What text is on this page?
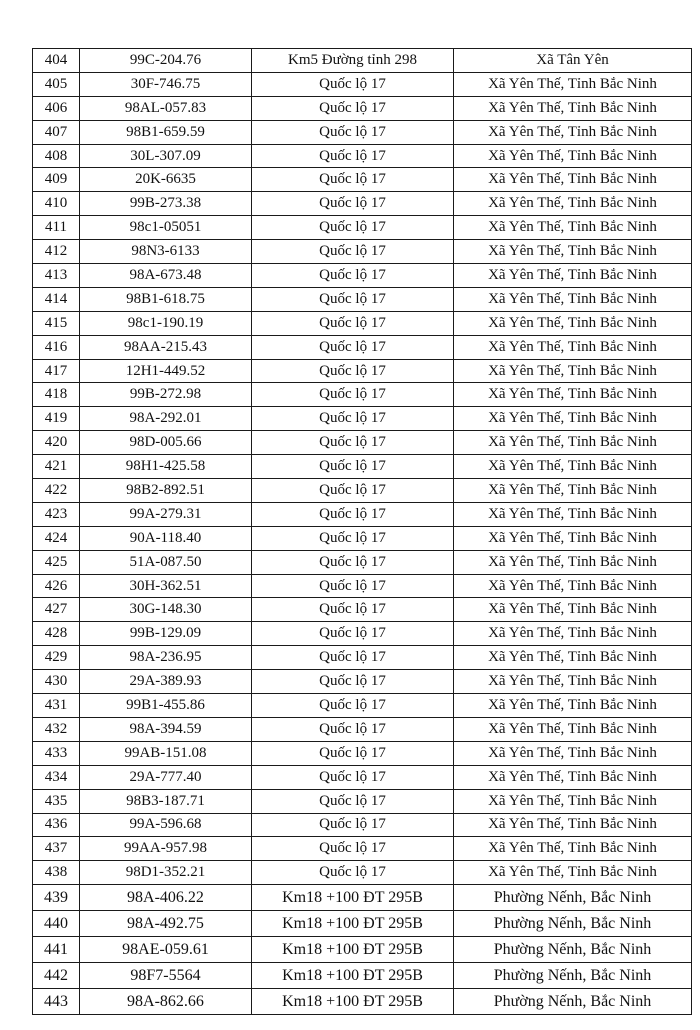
404	99C-204.76	Km5 Đường tỉnh 298	Xã Tân Yên
405	30F-746.75	Quốc lộ 17	Xã Yên Thế, Tỉnh Bắc Ninh
406	98AL-057.83	Quốc lộ 17	Xã Yên Thế, Tỉnh Bắc Ninh
407	98B1-659.59	Quốc lộ 17	Xã Yên Thế, Tỉnh Bắc Ninh
408	30L-307.09	Quốc lộ 17	Xã Yên Thế, Tỉnh Bắc Ninh
409	20K-6635	Quốc lộ 17	Xã Yên Thế, Tỉnh Bắc Ninh
410	99B-273.38	Quốc lộ 17	Xã Yên Thế, Tỉnh Bắc Ninh
411	98c1-05051	Quốc lộ 17	Xã Yên Thế, Tỉnh Bắc Ninh
412	98N3-6133	Quốc lộ 17	Xã Yên Thế, Tỉnh Bắc Ninh
413	98A-673.48	Quốc lộ 17	Xã Yên Thế, Tỉnh Bắc Ninh
414	98B1-618.75	Quốc lộ 17	Xã Yên Thế, Tỉnh Bắc Ninh
415	98c1-190.19	Quốc lộ 17	Xã Yên Thế, Tỉnh Bắc Ninh
416	98AA-215.43	Quốc lộ 17	Xã Yên Thế, Tỉnh Bắc Ninh
417	12H1-449.52	Quốc lộ 17	Xã Yên Thế, Tỉnh Bắc Ninh
418	99B-272.98	Quốc lộ 17	Xã Yên Thế, Tỉnh Bắc Ninh
419	98A-292.01	Quốc lộ 17	Xã Yên Thế, Tỉnh Bắc Ninh
420	98D-005.66	Quốc lộ 17	Xã Yên Thế, Tỉnh Bắc Ninh
421	98H1-425.58	Quốc lộ 17	Xã Yên Thế, Tỉnh Bắc Ninh
422	98B2-892.51	Quốc lộ 17	Xã Yên Thế, Tỉnh Bắc Ninh
423	99A-279.31	Quốc lộ 17	Xã Yên Thế, Tỉnh Bắc Ninh
424	90A-118.40	Quốc lộ 17	Xã Yên Thế, Tỉnh Bắc Ninh
425	51A-087.50	Quốc lộ 17	Xã Yên Thế, Tỉnh Bắc Ninh
426	30H-362.51	Quốc lộ 17	Xã Yên Thế, Tỉnh Bắc Ninh
427	30G-148.30	Quốc lộ 17	Xã Yên Thế, Tỉnh Bắc Ninh
428	99B-129.09	Quốc lộ 17	Xã Yên Thế, Tỉnh Bắc Ninh
429	98A-236.95	Quốc lộ 17	Xã Yên Thế, Tỉnh Bắc Ninh
430	29A-389.93	Quốc lộ 17	Xã Yên Thế, Tỉnh Bắc Ninh
431	99B1-455.86	Quốc lộ 17	Xã Yên Thế, Tỉnh Bắc Ninh
432	98A-394.59	Quốc lộ 17	Xã Yên Thế, Tỉnh Bắc Ninh
433	99AB-151.08	Quốc lộ 17	Xã Yên Thế, Tỉnh Bắc Ninh
434	29A-777.40	Quốc lộ 17	Xã Yên Thế, Tỉnh Bắc Ninh
435	98B3-187.71	Quốc lộ 17	Xã Yên Thế, Tỉnh Bắc Ninh
436	99A-596.68	Quốc lộ 17	Xã Yên Thế, Tỉnh Bắc Ninh
437	99AA-957.98	Quốc lộ 17	Xã Yên Thế, Tỉnh Bắc Ninh
438	98D1-352.21	Quốc lộ 17	Xã Yên Thế, Tỉnh Bắc Ninh
439	98A-406.22	Km18 +100 ĐT 295B	Phường Nếnh, Bắc Ninh
440	98A-492.75	Km18 +100 ĐT 295B	Phường Nếnh, Bắc Ninh
441	98AE-059.61	Km18 +100 ĐT 295B	Phường Nếnh, Bắc Ninh
442	98F7-5564	Km18 +100 ĐT 295B	Phường Nếnh, Bắc Ninh
443	98A-862.66	Km18 +100 ĐT 295B	Phường Nếnh, Bắc Ninh
